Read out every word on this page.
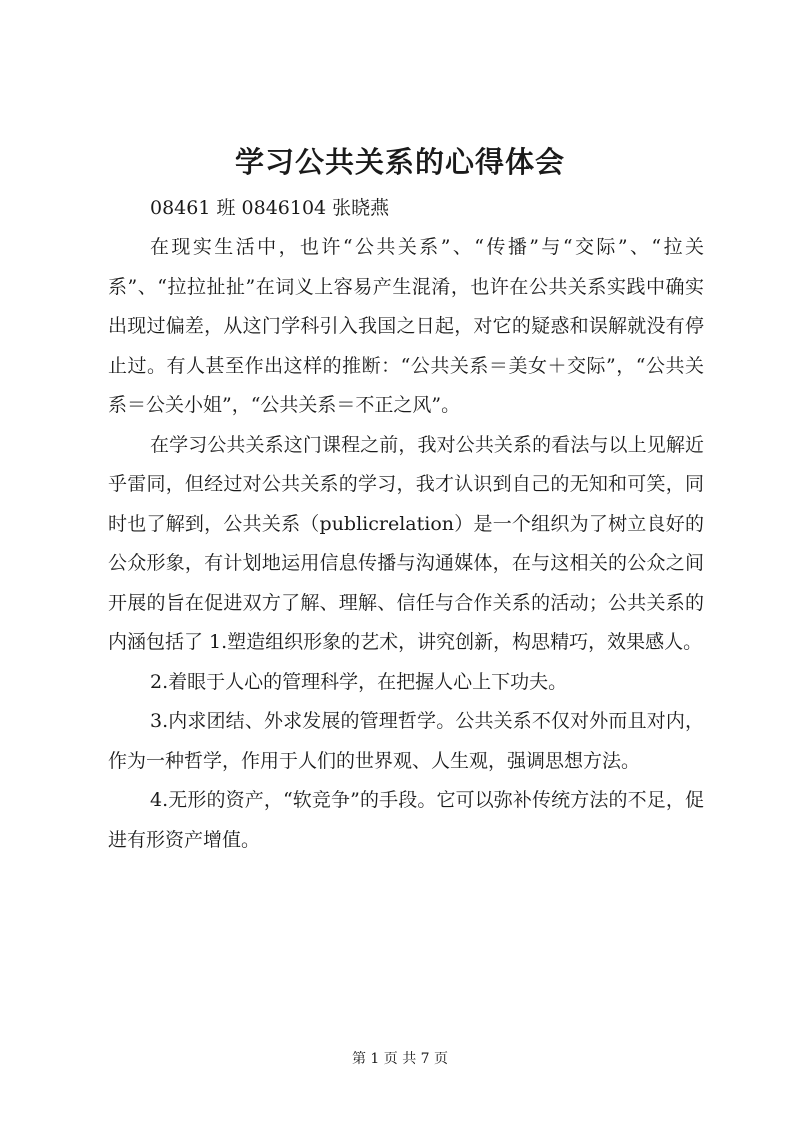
学习公共关系的心得体会

08461 班 0846104 张晓燕

在现实生活中，也许“公共关系”、“传播”与“交际”、“拉关系”、“拉拉扯扯”在词义上容易产生混淆，也许在公共关系实践中确实出现过偏差，从这门学科引入我国之日起，对它的疑惑和误解就没有停止过。有人甚至作出这样的推断：“公共关系＝美女＋交际”，“公共关系＝公关小姐”，“公共关系＝不正之风”。

在学习公共关系这门课程之前，我对公共关系的看法与以上见解近乎雷同，但经过对公共关系的学习，我才认识到自己的无知和可笑，同时也了解到，公共关系（publicrelation）是一个组织为了树立良好的公众形象，有计划地运用信息传播与沟通媒体，在与这相关的公众之间开展的旨在促进双方了解、理解、信任与合作关系的活动；公共关系的内涵包括了 1.塑造组织形象的艺术，讲究创新，构思精巧，效果感人。

2.着眼于人心的管理科学，在把握人心上下功夫。

3.内求团结、外求发展的管理哲学。公共关系不仅对外而且对内，作为一种哲学，作用于人们的世界观、人生观，强调思想方法。

4.无形的资产，“软竞争”的手段。它可以弥补传统方法的不足，促进有形资产增值。

第 1 页 共 7 页
